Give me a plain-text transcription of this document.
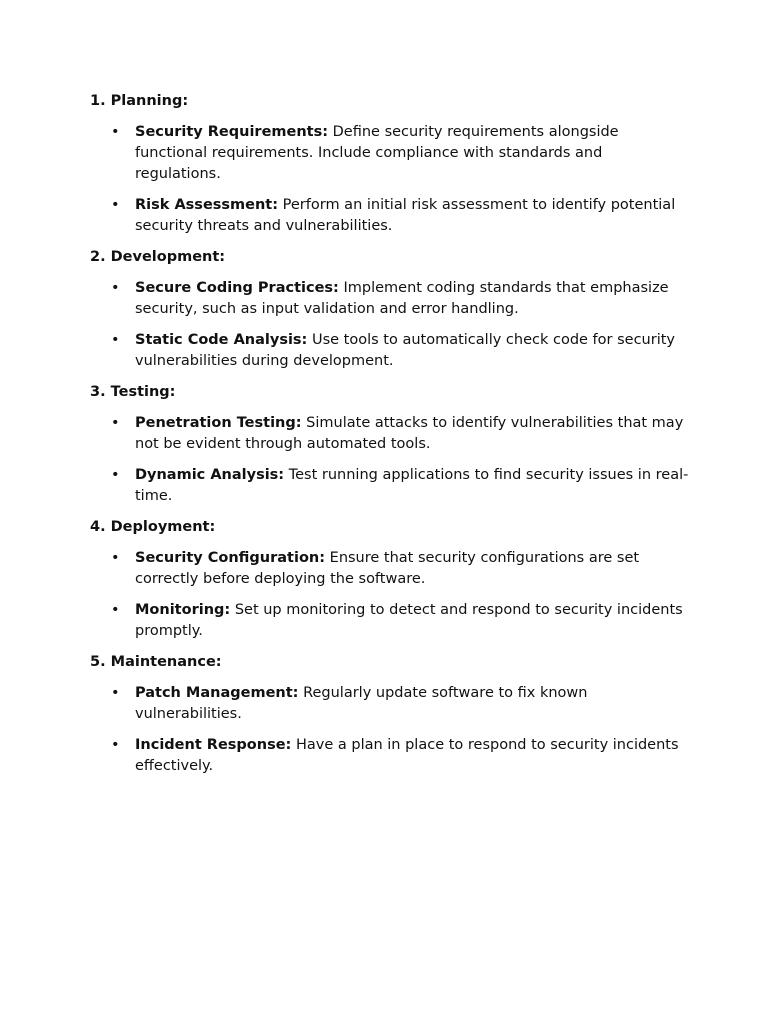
1. Planning:

• Security Requirements: Define security requirements alongside functional requirements. Include compliance with standards and regulations.
• Risk Assessment: Perform an initial risk assessment to identify potential security threats and vulnerabilities.

2. Development:

• Secure Coding Practices: Implement coding standards that emphasize security, such as input validation and error handling.
• Static Code Analysis: Use tools to automatically check code for security vulnerabilities during development.

3. Testing:

• Penetration Testing: Simulate attacks to identify vulnerabilities that may not be evident through automated tools.
• Dynamic Analysis: Test running applications to find security issues in real-time.

4. Deployment:

• Security Configuration: Ensure that security configurations are set correctly before deploying the software.
• Monitoring: Set up monitoring to detect and respond to security incidents promptly.

5. Maintenance:

• Patch Management: Regularly update software to fix known vulnerabilities.
• Incident Response: Have a plan in place to respond to security incidents effectively.
